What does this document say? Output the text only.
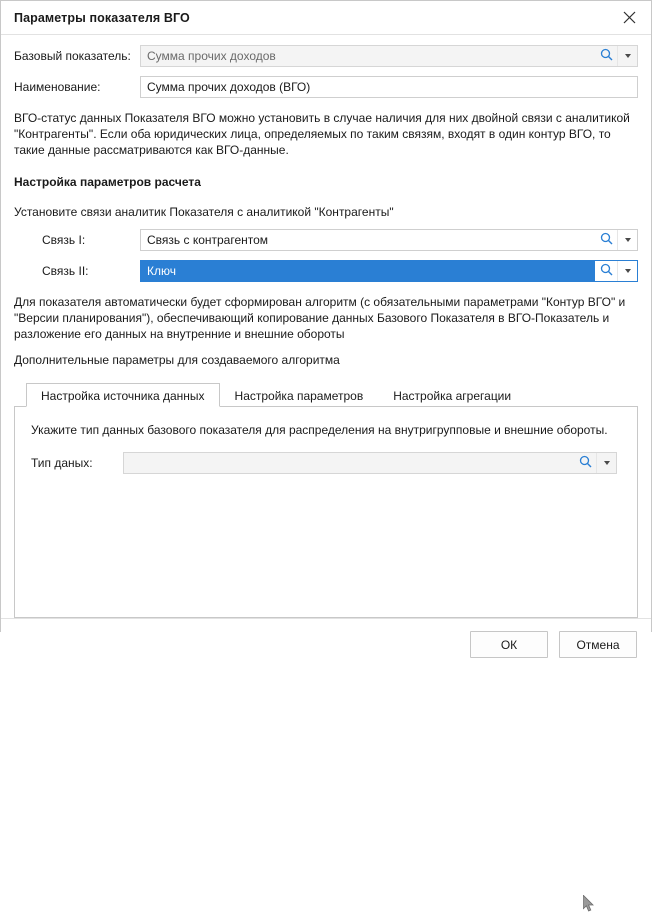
Параметры показателя ВГО
Базовый показатель:	Сумма прочих доходов
Наименование:	Сумма прочих доходов (ВГО)
ВГО-статус данных Показателя ВГО можно установить в случае наличия для них двойной связи с аналитикой "Контрагенты". Если оба юридических лица, определяемых по таким связям, входят в один контур ВГО, то такие данные рассматриваются как ВГО-данные.
Настройка параметров расчета
Установите связи аналитик Показателя с аналитикой "Контрагенты"
Связь I:	Связь с контрагентом
Связь II:	Ключ
Для показателя автоматически будет сформирован алгоритм (с обязательными параметрами "Контур ВГО" и "Версии планирования"), обеспечивающий копирование данных Базового Показателя в ВГО-Показатель и разложение его данных на внутренние и внешние обороты
Дополнительные параметры для создаваемого алгоритма
Настройка источника данных	Настройка параметров	Настройка агрегации
Укажите тип данных базового показателя для распределения на внутригрупповые и внешние обороты.
Тип даных:
ОК	Отмена
